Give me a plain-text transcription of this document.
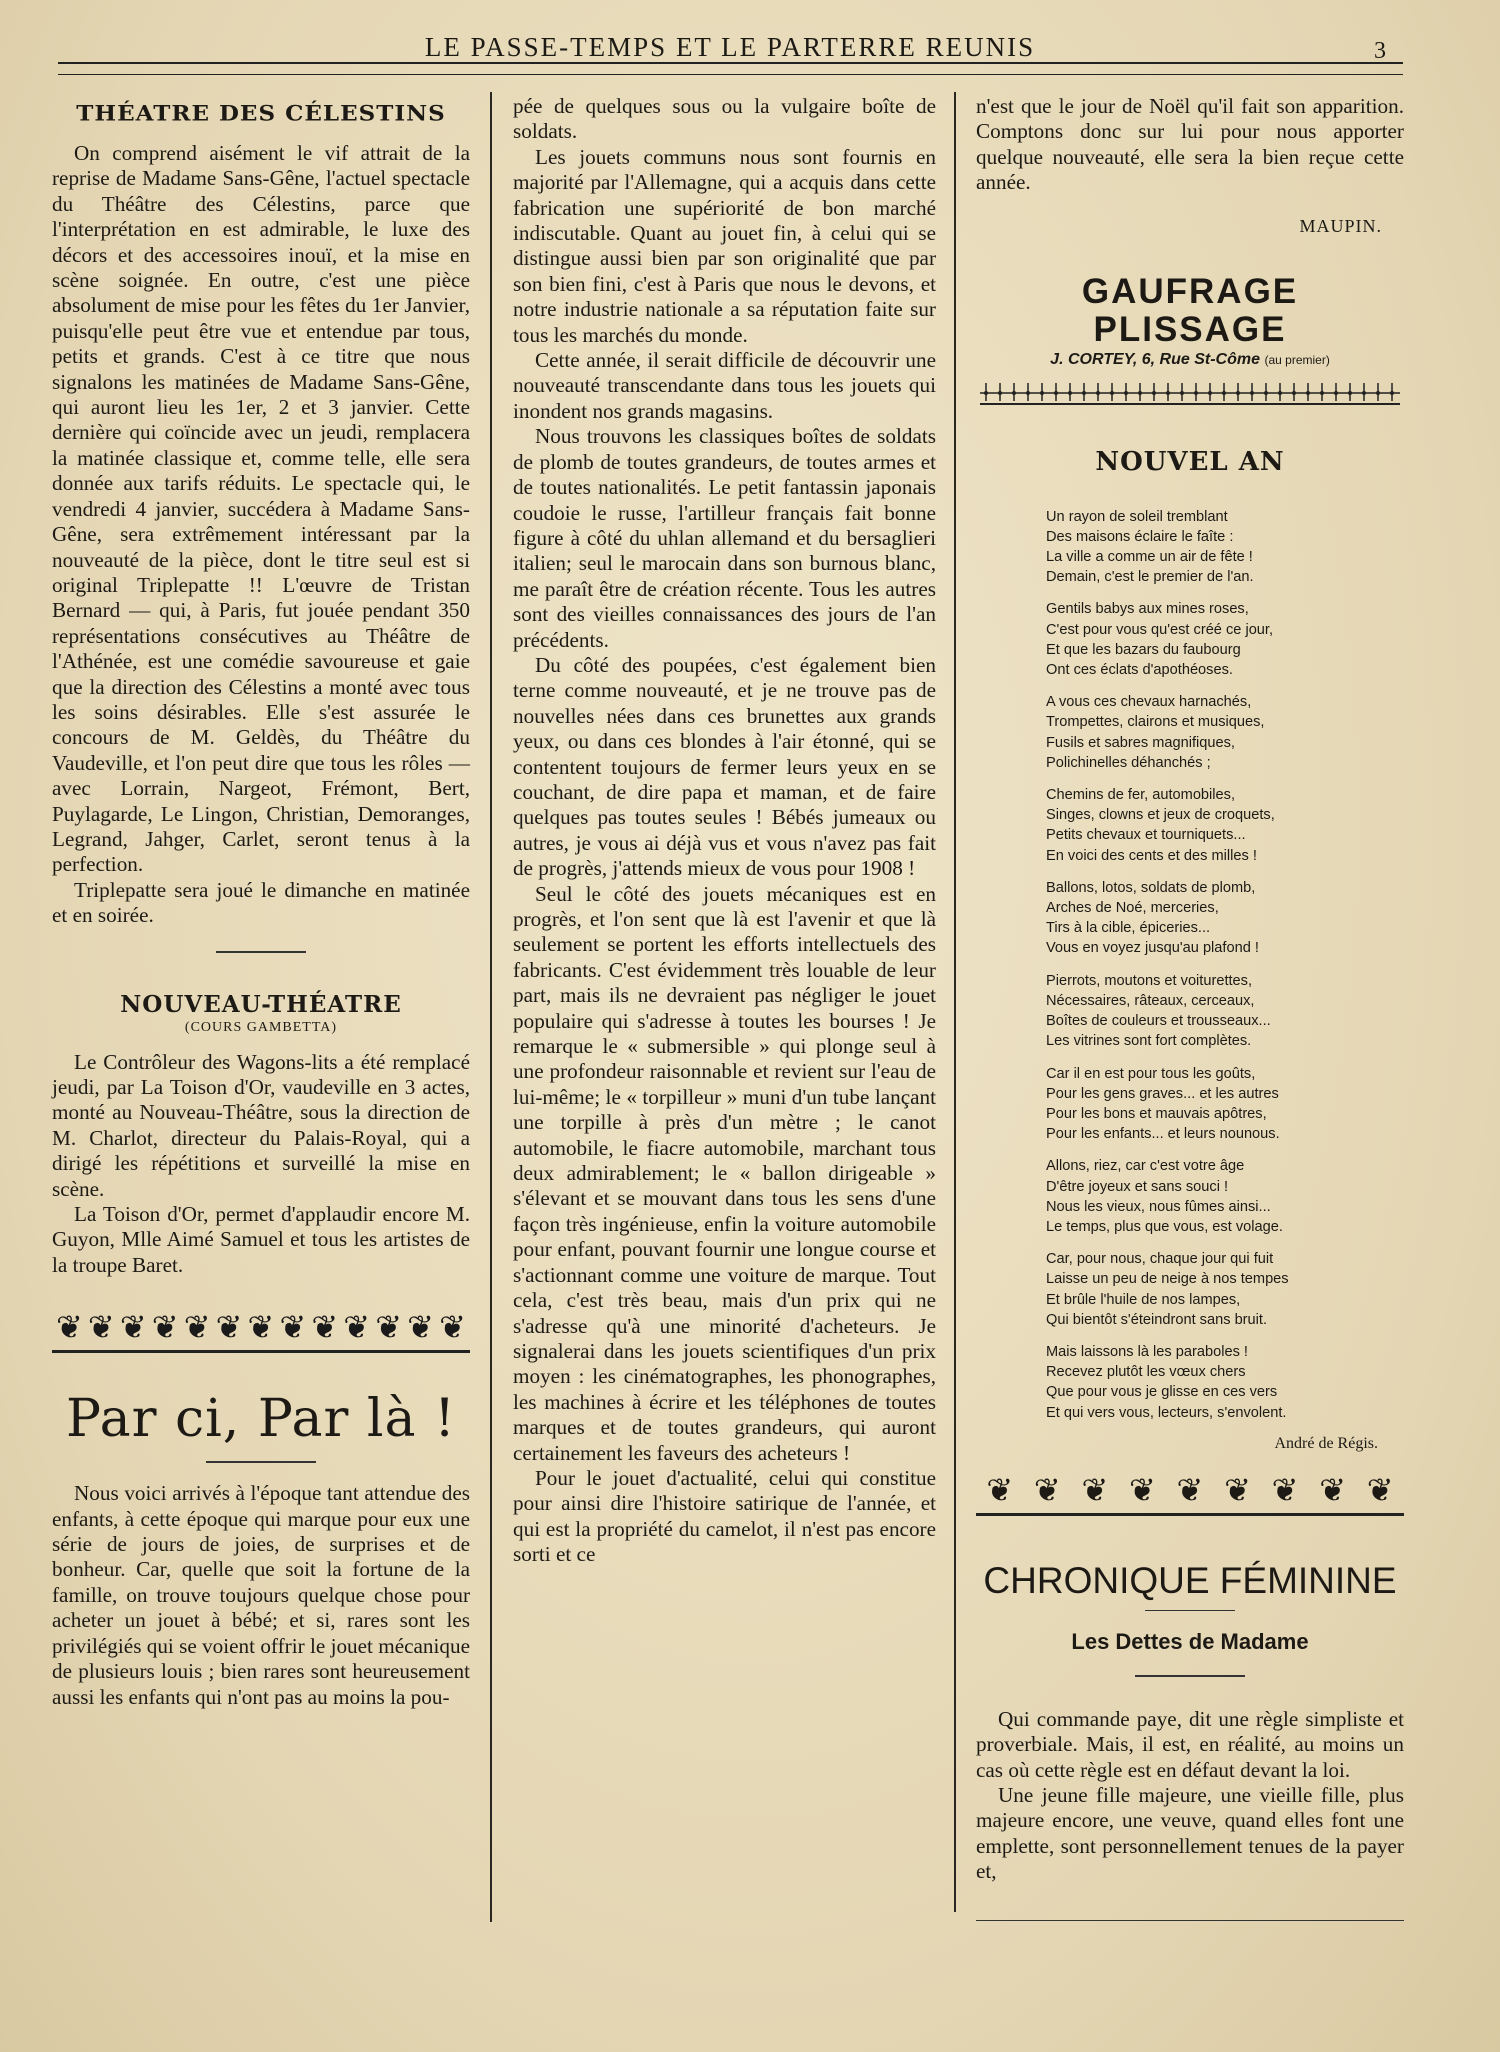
LE PASSE-TEMPS ET LE PARTERRE REUNIS	3
THÉATRE DES CÉLESTINS

On comprend aisément le vif attrait de la reprise de Madame Sans-Gêne, l'actuel spectacle du Théâtre des Célestins, parce que l'interprétation en est admirable, le luxe des décors et des accessoires inouï, et la mise en scène soignée. En outre, c'est une pièce absolument de mise pour les fêtes du 1er Janvier, puisqu'elle peut être vue et entendue par tous, petits et grands. C'est à ce titre que nous signalons les matinées de Madame Sans-Gêne, qui auront lieu les 1er, 2 et 3 janvier. Cette dernière qui coïncide avec un jeudi, remplacera la matinée classique et, comme telle, elle sera donnée aux tarifs réduits. Le spectacle qui, le vendredi 4 janvier, succédera à Madame Sans-Gêne, sera extrêmement intéressant par la nouveauté de la pièce, dont le titre seul est si original Triplepatte !! L'œuvre de Tristan Bernard — qui, à Paris, fut jouée pendant 350 représentations consécutives au Théâtre de l'Athénée, est une comédie savoureuse et gaie que la direction des Célestins a monté avec tous les soins désirables. Elle s'est assurée le concours de M. Geldès, du Théâtre du Vaudeville, et l'on peut dire que tous les rôles — avec Lorrain, Nargeot, Frémont, Bert, Puylagarde, Le Lingon, Christian, Demoranges, Legrand, Jahger, Carlet, seront tenus à la perfection.

Triplepatte sera joué le dimanche en matinée et en soirée.

NOUVEAU-THÉATRE
(COURS GAMBETTA)

Le Contrôleur des Wagons-lits a été remplacé jeudi, par La Toison d'Or, vaudeville en 3 actes, monté au Nouveau-Théâtre, sous la direction de M. Charlot, directeur du Palais-Royal, qui a dirigé les répétitions et surveillé la mise en scène.

La Toison d'Or, permet d'applaudir encore M. Guyon, Mlle Aimé Samuel et tous les artistes de la troupe Baret.

❦ ❦ ❦ ❦ ❦ ❦ ❦ ❦ ❦ ❦ ❦ ❦ ❦
Par ci, Par là !

Nous voici arrivés à l'époque tant attendue des enfants, à cette époque qui marque pour eux une série de jours de joies, de surprises et de bonheur. Car, quelle que soit la fortune de la famille, on trouve toujours quelque chose pour acheter un jouet à bébé; et si, rares sont les privilégiés qui se voient offrir le jouet mécanique de plusieurs louis ; bien rares sont heureusement aussi les enfants qui n'ont pas au moins la pou-

pée de quelques sous ou la vulgaire boîte de soldats.

Les jouets communs nous sont fournis en majorité par l'Allemagne, qui a acquis dans cette fabrication une supériorité de bon marché indiscutable. Quant au jouet fin, à celui qui se distingue aussi bien par son originalité que par son bien fini, c'est à Paris que nous le devons, et notre industrie nationale a sa réputation faite sur tous les marchés du monde.

Cette année, il serait difficile de découvrir une nouveauté transcendante dans tous les jouets qui inondent nos grands magasins.

Nous trouvons les classiques boîtes de soldats de plomb de toutes grandeurs, de toutes armes et de toutes nationalités. Le petit fantassin japonais coudoie le russe, l'artilleur français fait bonne figure à côté du uhlan allemand et du bersaglieri italien; seul le marocain dans son burnous blanc, me paraît être de création récente. Tous les autres sont des vieilles connaissances des jours de l'an précédents.

Du côté des poupées, c'est également bien terne comme nouveauté, et je ne trouve pas de nouvelles nées dans ces brunettes aux grands yeux, ou dans ces blondes à l'air étonné, qui se contentent toujours de fermer leurs yeux en se couchant, de dire papa et maman, et de faire quelques pas toutes seules ! Bébés jumeaux ou autres, je vous ai déjà vus et vous n'avez pas fait de progrès, j'attends mieux de vous pour 1908 !

Seul le côté des jouets mécaniques est en progrès, et l'on sent que là est l'avenir et que là seulement se portent les efforts intellectuels des fabricants. C'est évidemment très louable de leur part, mais ils ne devraient pas négliger le jouet populaire qui s'adresse à toutes les bourses ! Je remarque le « submersible » qui plonge seul à une profondeur raisonnable et revient sur l'eau de lui-même; le « torpilleur » muni d'un tube lançant une torpille à près d'un mètre ; le canot automobile, le fiacre automobile, marchant tous deux admirablement; le « ballon dirigeable » s'élevant et se mouvant dans tous les sens d'une façon très ingénieuse, enfin la voiture automobile pour enfant, pouvant fournir une longue course et s'actionnant comme une voiture de marque. Tout cela, c'est très beau, mais d'un prix qui ne s'adresse qu'à une minorité d'acheteurs. Je signalerai dans les jouets scientifiques d'un prix moyen : les cinématographes, les phonographes, les machines à écrire et les téléphones de toutes marques et de toutes grandeurs, qui auront certainement les faveurs des acheteurs !

Pour le jouet d'actualité, celui qui constitue pour ainsi dire l'histoire satirique de l'année, et qui est la propriété du camelot, il n'est pas encore sorti et ce

n'est que le jour de Noël qu'il fait son apparition. Comptons donc sur lui pour nous apporter quelque nouveauté, elle sera la bien reçue cette année.

MAUPIN.
GAUFRAGE PLISSAGE
J. CORTEY, 6, Rue St-Côme (au premier)
NOUVEL AN
Un rayon de soleil tremblant
Des maisons éclaire le faîte :
La ville a comme un air de fête !
Demain, c'est le premier de l'an.
Gentils babys aux mines roses,
C'est pour vous qu'est créé ce jour,
Et que les bazars du faubourg
Ont ces éclats d'apothéoses.
A vous ces chevaux harnachés,
Trompettes, clairons et musiques,
Fusils et sabres magnifiques,
Polichinelles déhanchés ;
Chemins de fer, automobiles,
Singes, clowns et jeux de croquets,
Petits chevaux et tourniquets...
En voici des cents et des milles !
Ballons, lotos, soldats de plomb,
Arches de Noé, merceries,
Tirs à la cible, épiceries...
Vous en voyez jusqu'au plafond !
Pierrots, moutons et voiturettes,
Nécessaires, râteaux, cerceaux,
Boîtes de couleurs et trousseaux...
Les vitrines sont fort complètes.
Car il en est pour tous les goûts,
Pour les gens graves... et les autres
Pour les bons et mauvais apôtres,
Pour les enfants... et leurs nounous.
Allons, riez, car c'est votre âge
D'être joyeux et sans souci !
Nous les vieux, nous fûmes ainsi...
Le temps, plus que vous, est volage.
Car, pour nous, chaque jour qui fuit
Laisse un peu de neige à nos tempes
Et brûle l'huile de nos lampes,
Qui bientôt s'éteindront sans bruit.
Mais laissons là les paraboles !
Recevez plutôt les vœux chers
Que pour vous je glisse en ces vers
Et qui vers vous, lecteurs, s'envolent.
André de Régis.
❦ ❦ ❦ ❦ ❦ ❦ ❦ ❦ ❦
CHRONIQUE FÉMININE
Les Dettes de Madame

Qui commande paye, dit une règle simpliste et proverbiale. Mais, il est, en réalité, au moins un cas où cette règle est en défaut devant la loi.

Une jeune fille majeure, une vieille fille, plus majeure encore, une veuve, quand elles font une emplette, sont personnellement tenues de la payer et,
